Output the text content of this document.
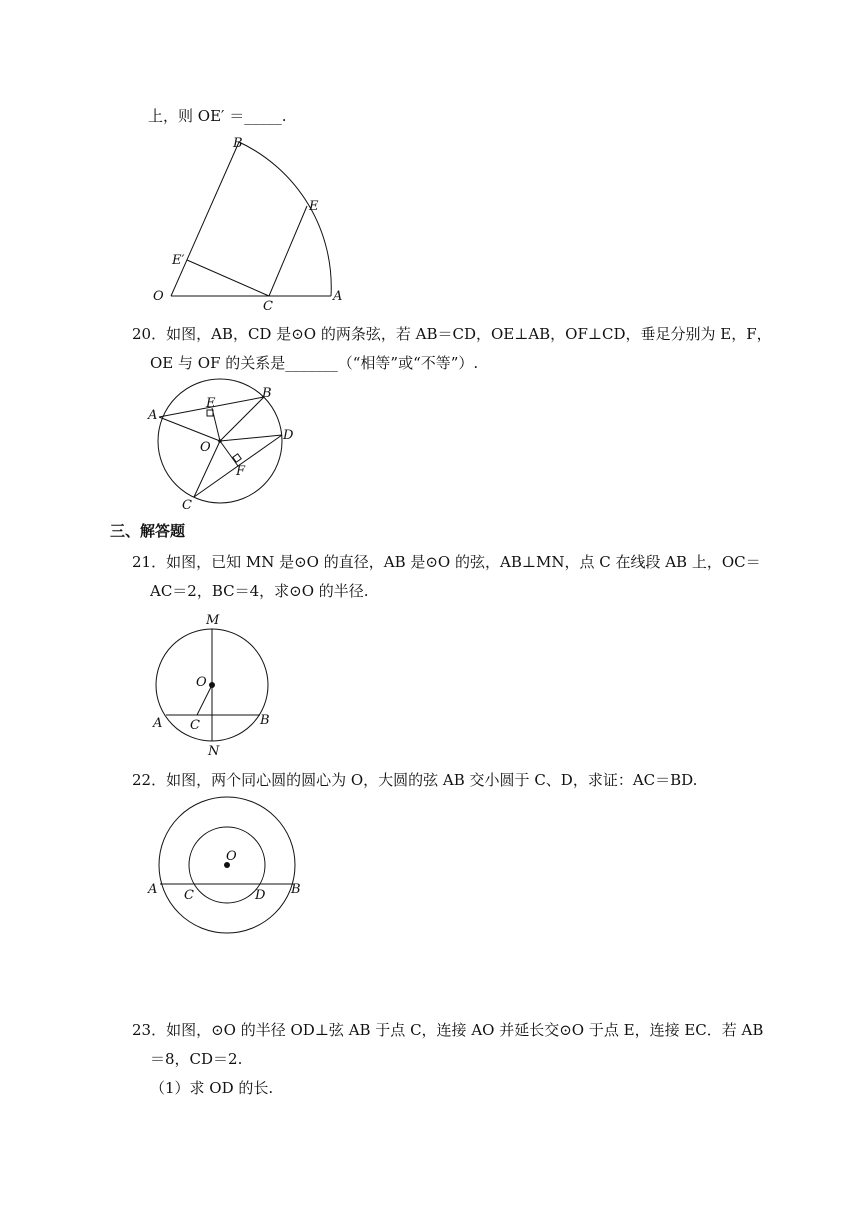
上，则 OE′ ＝_____.
B
E
E′
O
C
A
20．如图，AB，CD 是⊙O 的两条弦，若 AB＝CD，OE⊥AB，OF⊥CD，垂足分别为 E，F，
OE 与 OF 的关系是_______（“相等”或“不等”）.
A
B
E
O
D
F
C
三、解答题
21．如图，已知 MN 是⊙O 的直径，AB 是⊙O 的弦，AB⊥MN，点 C 在线段 AB 上，OC＝
AC＝2，BC＝4，求⊙O 的半径.
M
O
A C	B
N
22．如图，两个同心圆的圆心为 O，大圆的弦 AB 交小圆于 C、D，求证：AC＝BD.
O
A C	D B
23．如图，⊙O 的半径 OD⊥弦 AB 于点 C，连接 AO 并延长交⊙O 于点 E，连接 EC．若 AB
＝8，CD＝2.
（1）求 OD 的长.
